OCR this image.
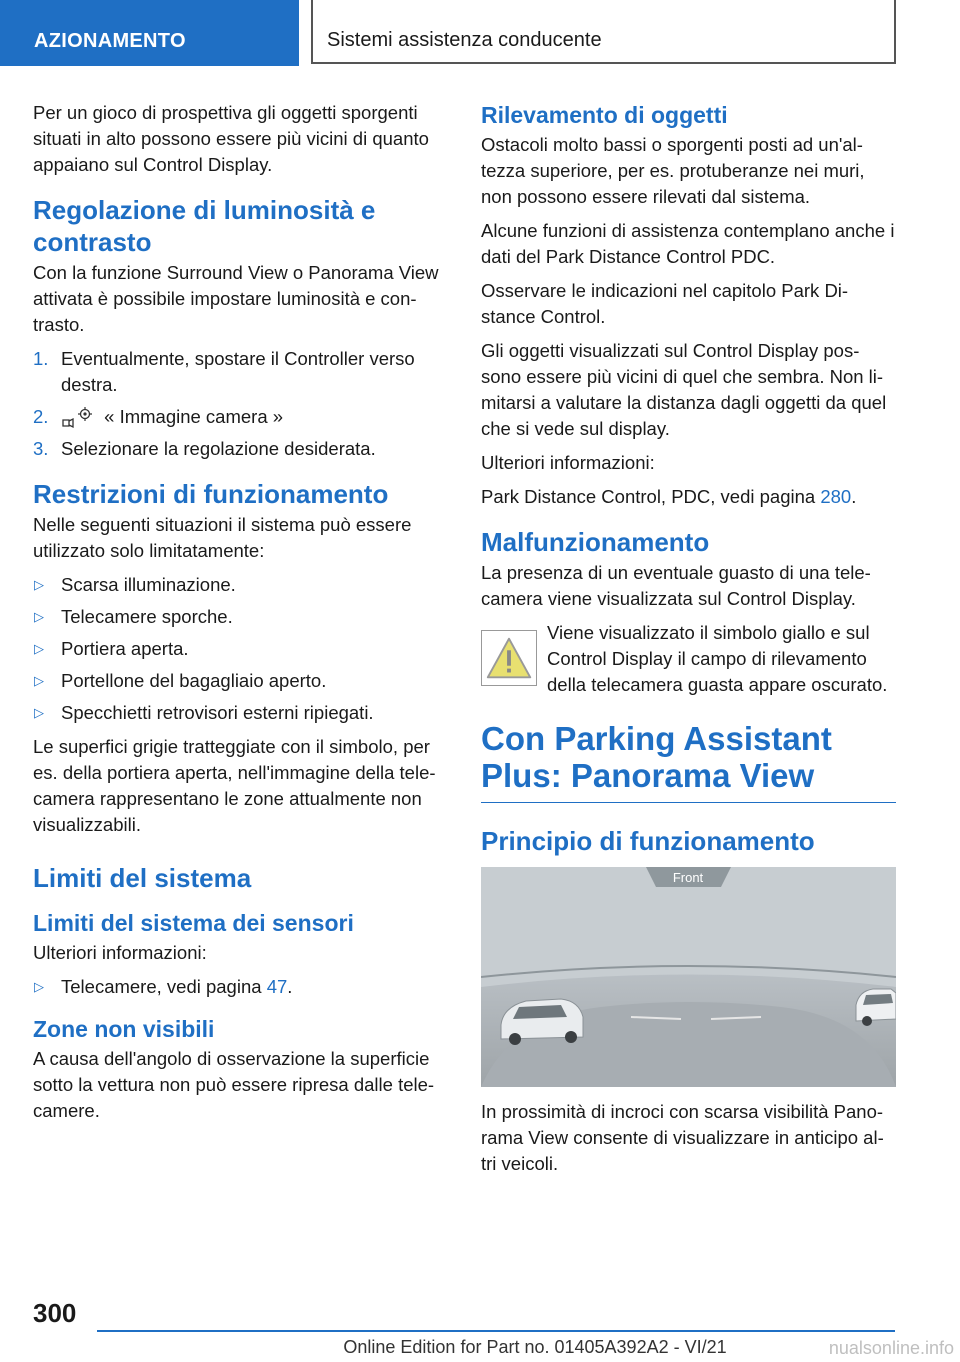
AZIONAMENTO	Sistemi assistenza conducente

Per un gioco di prospettiva gli oggetti sporgenti situati in alto possono essere più vicini di quanto appaiano sul Control Display.

Regolazione di luminosità e contrasto

Con la funzione Surround View o Panorama View attivata è possibile impostare luminosità e con-trasto.

1. Eventualmente, spostare il Controller verso destra.
2.	« Immagine camera »
3. Selezionare la regolazione desiderata.
Restrizioni di funzionamento

Nelle seguenti situazioni il sistema può essere utilizzato solo limitatamente:

▷ Scarsa illuminazione.
▷ Telecamere sporche.
▷ Portiera aperta.
▷ Portellone del bagagliaio aperto.
▷ Specchietti retrovisori esterni ripiegati.

Le superfici grigie tratteggiate con il simbolo, per es. della portiera aperta, nell'immagine della tele-camera rappresentano le zone attualmente non visualizzabili.

Limiti del sistema
Limiti del sistema dei sensori

Ulteriori informazioni:

▷ Telecamere, vedi pagina 47.
Zone non visibili

A causa dell'angolo di osservazione la superficie sotto la vettura non può essere ripresa dalle tele-camere.

Rilevamento di oggetti

Ostacoli molto bassi o sporgenti posti ad un'al-tezza superiore, per es. protuberanze nei muri, non possono essere rilevati dal sistema.

Alcune funzioni di assistenza contemplano anche i dati del Park Distance Control PDC.

Osservare le indicazioni nel capitolo Park Di-stance Control.

Gli oggetti visualizzati sul Control Display pos-sono essere più vicini di quel che sembra. Non li-mitarsi a valutare la distanza dagli oggetti da quel che si vede sul display.

Ulteriori informazioni:

Park Distance Control, PDC, vedi pagina 280.

Malfunzionamento

La presenza di un eventuale guasto di una tele-camera viene visualizzata sul Control Display.

Viene visualizzato il simbolo giallo e sul Control Display il campo di rilevamento della telecamera guasta appare oscurato.
Con Parking Assistant Plus: Panorama View
Principio di funzionamento
Front

In prossimità di incroci con scarsa visibilità Pano-rama View consente di visualizzare in anticipo al-tri veicoli.

300
Online Edition for Part no. 01405A392A2 - VI/21	nualsonline.info
